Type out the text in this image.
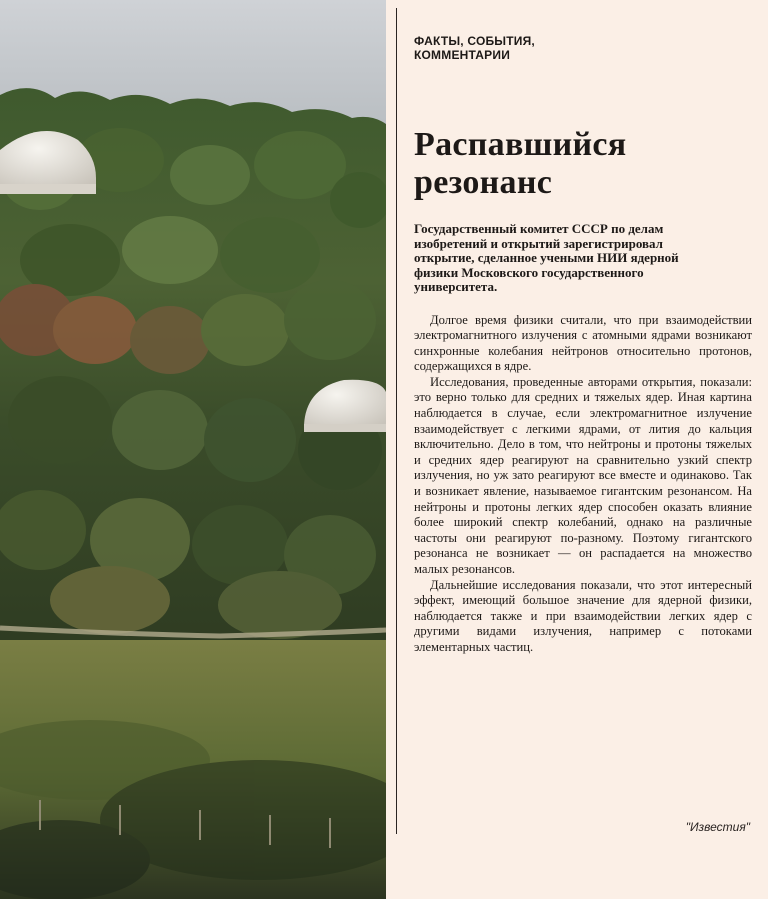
ФАКТЫ, СОБЫТИЯ, КОММЕНТАРИИ

Распавшийся резонанс

Государственный комитет СССР по делам изобретений и открытий зарегистрировал открытие, сделанное учеными НИИ ядерной физики Московского государственного университета.

Долгое время физики считали, что при взаимодействии электромагнитного излучения с атомными ядрами возникают синхронные колебания нейтронов относительно протонов, содержащихся в ядре.

Исследования, проведенные авторами открытия, показали: это верно только для средних и тяжелых ядер. Иная картина наблюдается в случае, если электромагнитное излучение взаимодействует с легкими ядрами, от лития до кальция включительно. Дело в том, что нейтроны и протоны тяжелых и средних ядер реагируют на сравнительно узкий спектр излучения, но уж зато реагируют все вместе и одинаково. Так и возникает явление, называемое гигантским резонансом. На нейтроны и протоны легких ядер способен оказать влияние более широкий спектр колебаний, однако на различные частоты они реагируют по-разному. Поэтому гигантского резонанса не возникает — он распадается на множество малых резонансов.

Дальнейшие исследования показали, что этот интересный эффект, имеющий большое значение для ядерной физики, наблюдается также и при взаимодействии легких ядер с другими видами излучения, например с потоками элементарных частиц.

"Известия"
